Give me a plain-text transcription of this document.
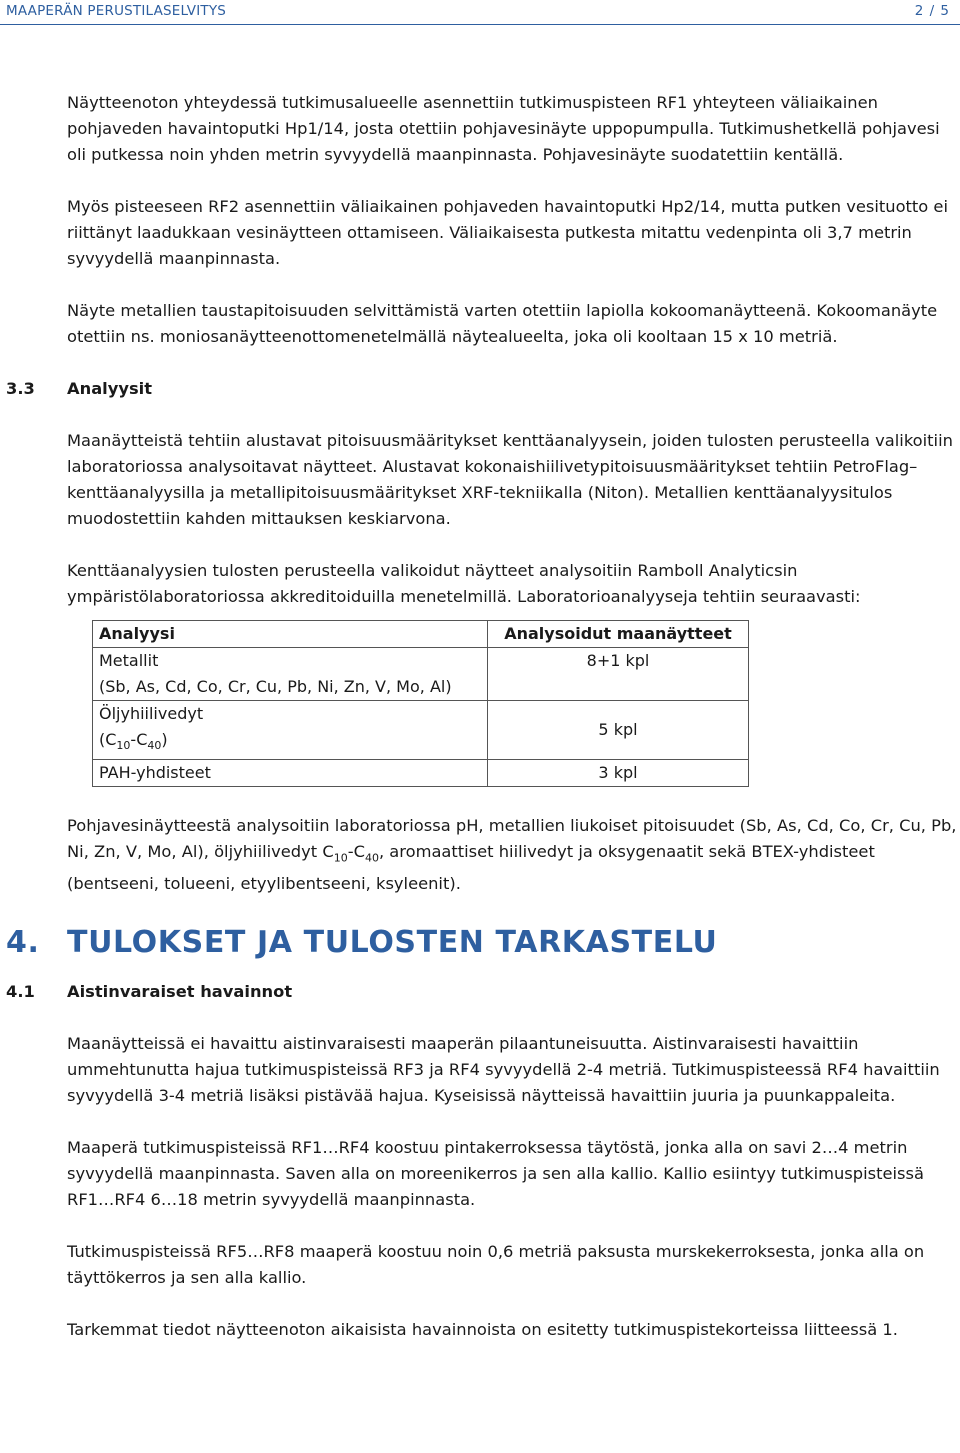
MAAPERÄN PERUSTILASELVITYS	2 / 5

Näytteenoton yhteydessä tutkimusalueelle asennettiin tutkimuspisteen RF1 yhteyteen väliaikainen pohjaveden havaintoputki Hp1/14, josta otettiin pohjavesinäyte uppopumpulla. Tutkimushetkellä pohjavesi oli putkessa noin yhden metrin syvyydellä maanpinnasta. Pohjavesinäyte suodatettiin kentällä.

Myös pisteeseen RF2 asennettiin väliaikainen pohjaveden havaintoputki Hp2/14, mutta putken vesituotto ei riittänyt laadukkaan vesinäytteen ottamiseen. Väliaikaisesta putkesta mitattu vedenpinta oli 3,7 metrin syvyydellä maanpinnasta.

Näyte metallien taustapitoisuuden selvittämistä varten otettiin lapiolla kokoomanäytteenä. Kokoomanäyte otettiin ns. moniosanäytteenottomenetelmällä näytealueelta, joka oli kooltaan 15 x 10 metriä.

3.3 Analyysit

Maanäytteistä tehtiin alustavat pitoisuusmääritykset kenttäanalyysein, joiden tulosten perusteella valikoitiin laboratoriossa analysoitavat näytteet. Alustavat kokonaishiilivetypitoisuusmääritykset tehtiin PetroFlag–kenttäanalyysilla ja metallipitoisuusmääritykset XRF-tekniikalla (Niton). Metallien kenttäanalyysitulos muodostettiin kahden mittauksen keskiarvona.

Kenttäanalyysien tulosten perusteella valikoidut näytteet analysoitiin Ramboll Analyticsin ympäristölaboratoriossa akkreditoiduilla menetelmillä. Laboratorioanalyyseja tehtiin seuraavasti:

Analyysi	Analysoidut maanäytteet

Metallit
(Sb, As, Cd, Co, Cr, Cu, Pb, Ni, Zn, V, Mo, Al)	8+1 kpl

Öljyhiilivedyt
$(C_{10}-C_{40})$	5 kpl
PAH-yhdisteet	3 kpl

Pohjavesinäytteestä analysoitiin laboratoriossa pH, metallien liukoiset pitoisuudet (Sb, As, Cd, Co, Cr, Cu, Pb, Ni, Zn, V, Mo, Al), öljyhiilivedyt $C_{10}-C_{40}$, aromaattiset hiilivedyt ja oksygenaatit sekä BTEX-yhdisteet (bentseeni, tolueeni, etyylibentseeni, ksyleenit).

4. TULOKSET JA TULOSTEN TARKASTELU
4.1 Aistinvaraiset havainnot

Maanäytteissä ei havaittu aistinvaraisesti maaperän pilaantuneisuutta. Aistinvaraisesti havaittiin ummehtunutta hajua tutkimuspisteissä RF3 ja RF4 syvyydellä 2-4 metriä. Tutkimuspisteessä RF4 havaittiin syvyydellä 3-4 metriä lisäksi pistävää hajua. Kyseisissä näytteissä havaittiin juuria ja puunkappaleita.

Maaperä tutkimuspisteissä RF1…RF4 koostuu pintakerroksessa täytöstä, jonka alla on savi 2…4 metrin syvyydellä maanpinnasta. Saven alla on moreenikerros ja sen alla kallio. Kallio esiintyy tutkimuspisteissä RF1…RF4 6…18 metrin syvyydellä maanpinnasta.

Tutkimuspisteissä RF5…RF8 maaperä koostuu noin 0,6 metriä paksusta murskekerroksesta, jonka alla on täyttökerros ja sen alla kallio.

Tarkemmat tiedot näytteenoton aikaisista havainnoista on esitetty tutkimuspistekorteissa liitteessä 1.
